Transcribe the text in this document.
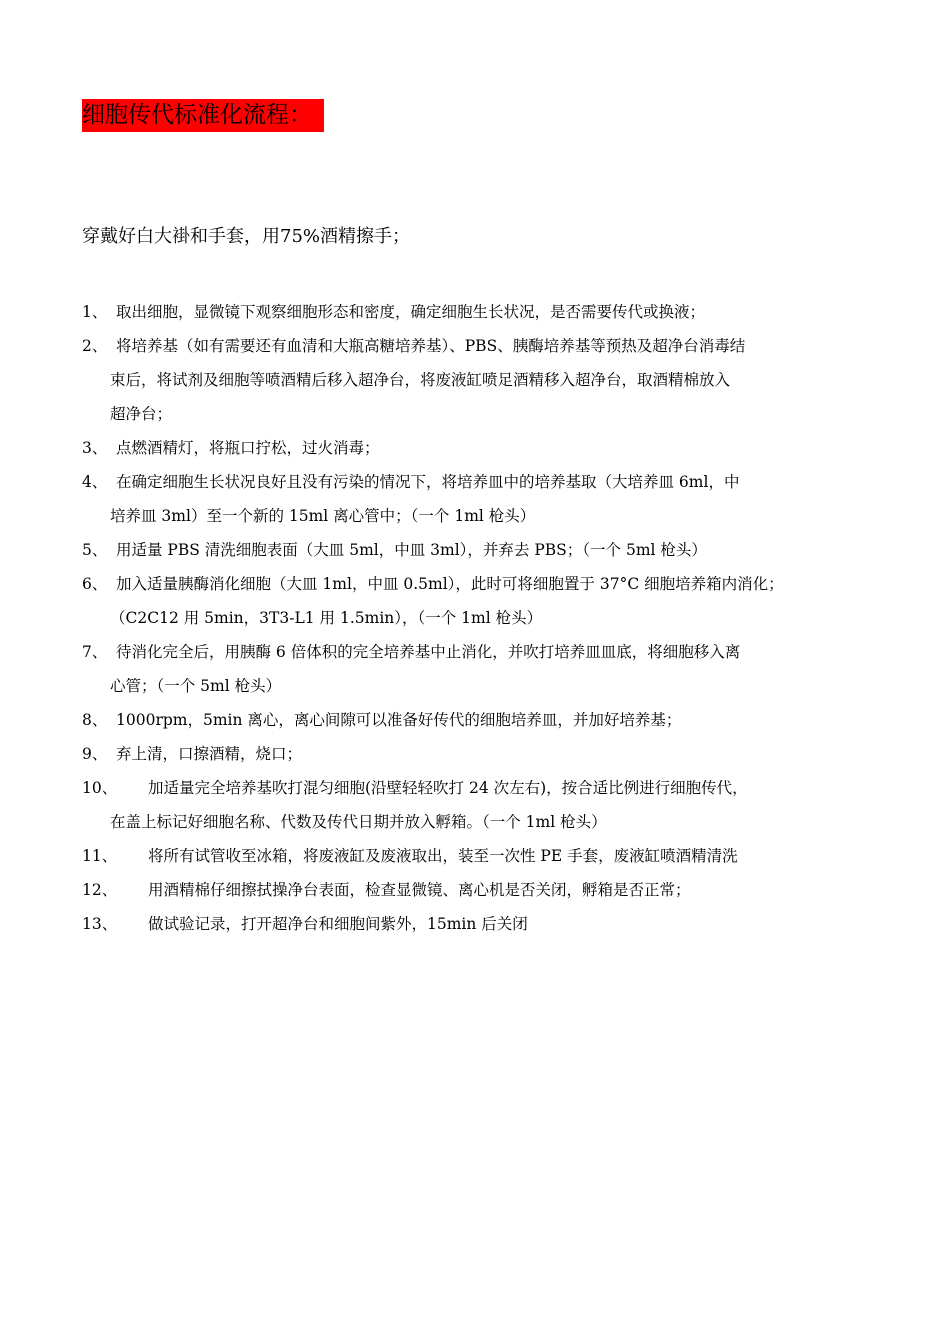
细胞传代标准化流程：
穿戴好白大褂和手套，用75%酒精擦手；
1、 取出细胞，显微镜下观察细胞形态和密度，确定细胞生长状况，是否需要传代或换液；
2、 将培养基（如有需要还有血清和大瓶高糖培养基）、PBS、胰酶培养基等预热及超净台消毒结
束后，将试剂及细胞等喷酒精后移入超净台，将废液缸喷足酒精移入超净台，取酒精棉放入
超净台；
3、 点燃酒精灯，将瓶口拧松，过火消毒；
4、 在确定细胞生长状况良好且没有污染的情况下，将培养皿中的培养基取（大培养皿 6ml，中
培养皿 3ml）至一个新的 15ml 离心管中；（一个 1ml 枪头）
5、 用适量 PBS 清洗细胞表面（大皿 5ml，中皿 3ml），并弃去 PBS；（一个 5ml 枪头）
6、 加入适量胰酶消化细胞（大皿 1ml，中皿 0.5ml），此时可将细胞置于 37°C 细胞培养箱内消化；
（C2C12 用 5min，3T3-L1 用 1.5min），（一个 1ml 枪头）
7、 待消化完全后，用胰酶 6 倍体积的完全培养基中止消化，并吹打培养皿皿底，将细胞移入离
心管；（一个 5ml 枪头）
8、 1000rpm，5min 离心，离心间隙可以准备好传代的细胞培养皿，并加好培养基；
9、 弃上清，口擦酒精，烧口；
10、 加适量完全培养基吹打混匀细胞(沿壁轻轻吹打 24 次左右)，按合适比例进行细胞传代，
在盖上标记好细胞名称、代数及传代日期并放入孵箱。（一个 1ml 枪头）
11、 将所有试管收至冰箱，将废液缸及废液取出，装至一次性 PE 手套，废液缸喷酒精清洗
12、 用酒精棉仔细擦拭操净台表面，检查显微镜、离心机是否关闭，孵箱是否正常；
13、 做试验记录，打开超净台和细胞间紫外，15min 后关闭
